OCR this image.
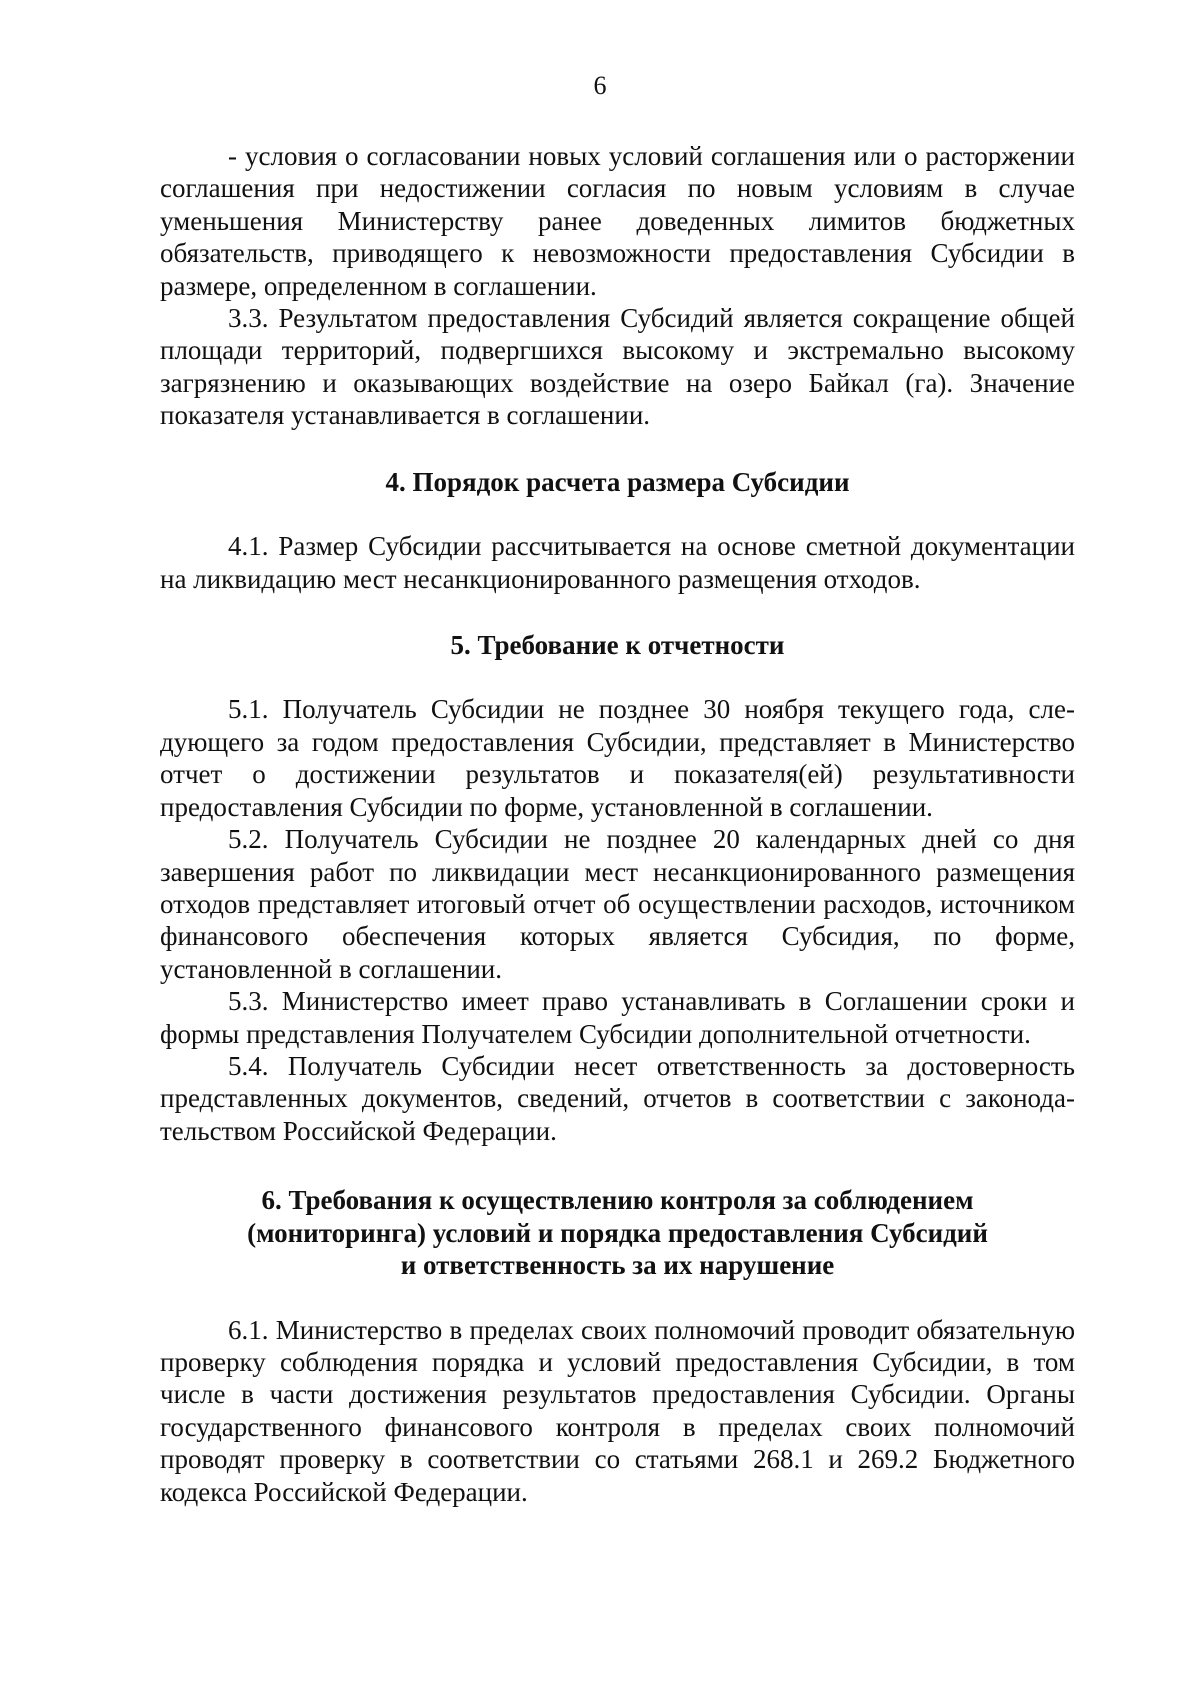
6

- условия о согласовании новых условий соглашения или о расторжении соглашения при недостижении согласия по новым условиям в случае уменьшения Министерству ранее доведенных лимитов бюджетных обязательств, приводящего к невозможности предоставления Субсидии в размере, определенном в соглашении.

3.3. Результатом предоставления Субсидий является сокращение общей площади территорий, подвергшихся высокому и экстремально высокому загрязнению и оказывающих воздействие на озеро Байкал (га). Значение показателя устанавливается в соглашении.

4. Порядок расчета размера Субсидии

4.1. Размер Субсидии рассчитывается на основе сметной документации на ликвидацию мест несанкционированного размещения отходов.

5. Требование к отчетности

5.1. Получатель Субсидии не позднее 30 ноября текущего года, следующего за годом предоставления Субсидии, представляет в Министерство отчет о достижении результатов и показателя(ей) результативности предоставления Субсидии по форме, установленной в соглашении.

5.2. Получатель Субсидии не позднее 20 календарных дней со дня завершения работ по ликвидации мест несанкционированного размещения отходов представляет итоговый отчет об осуществлении расходов, источником финансового обеспечения которых является Субсидия, по форме, установленной в соглашении.

5.3. Министерство имеет право устанавливать в Соглашении сроки и формы представления Получателем Субсидии дополнительной отчетности.

5.4. Получатель Субсидии несет ответственность за достоверность представленных документов, сведений, отчетов в соответствии с законодательством Российской Федерации.

6. Требования к осуществлению контроля за соблюдением
(мониторинга) условий и порядка предоставления Субсидий
и ответственность за их нарушение

6.1. Министерство в пределах своих полномочий проводит обязательную проверку соблюдения порядка и условий предоставления Субсидии, в том числе в части достижения результатов предоставления Субсидии. Органы государственного финансового контроля в пределах своих полномочий проводят проверку в соответствии со статьями 268.1 и 269.2 Бюджетного кодекса Российской Федерации.
